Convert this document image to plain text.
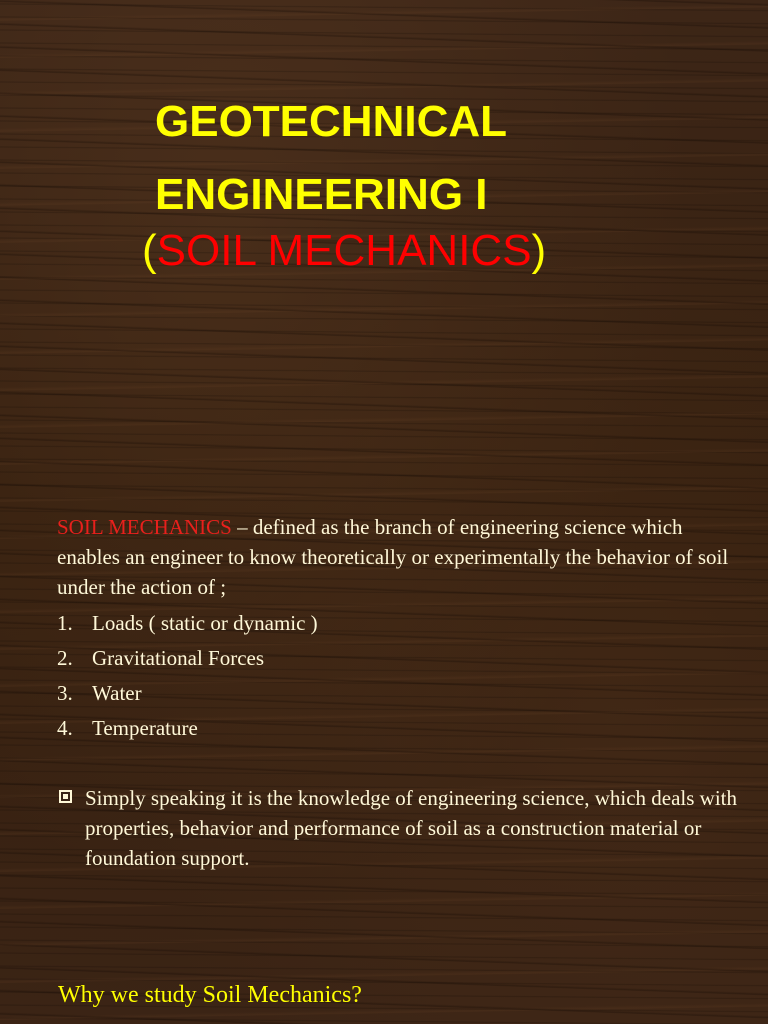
GEOTECHNICAL
ENGINEERING I
(SOIL MECHANICS)
SOIL MECHANICS – defined as the branch of engineering science which enables an engineer to know theoretically or experimentally the behavior of soil under the action of ;
1. Loads ( static or dynamic )
2. Gravitational Forces
3. Water
4. Temperature
Simply speaking it is the knowledge of engineering science, which deals with properties, behavior and performance of soil as a construction material or foundation support.
Why we study Soil Mechanics?
